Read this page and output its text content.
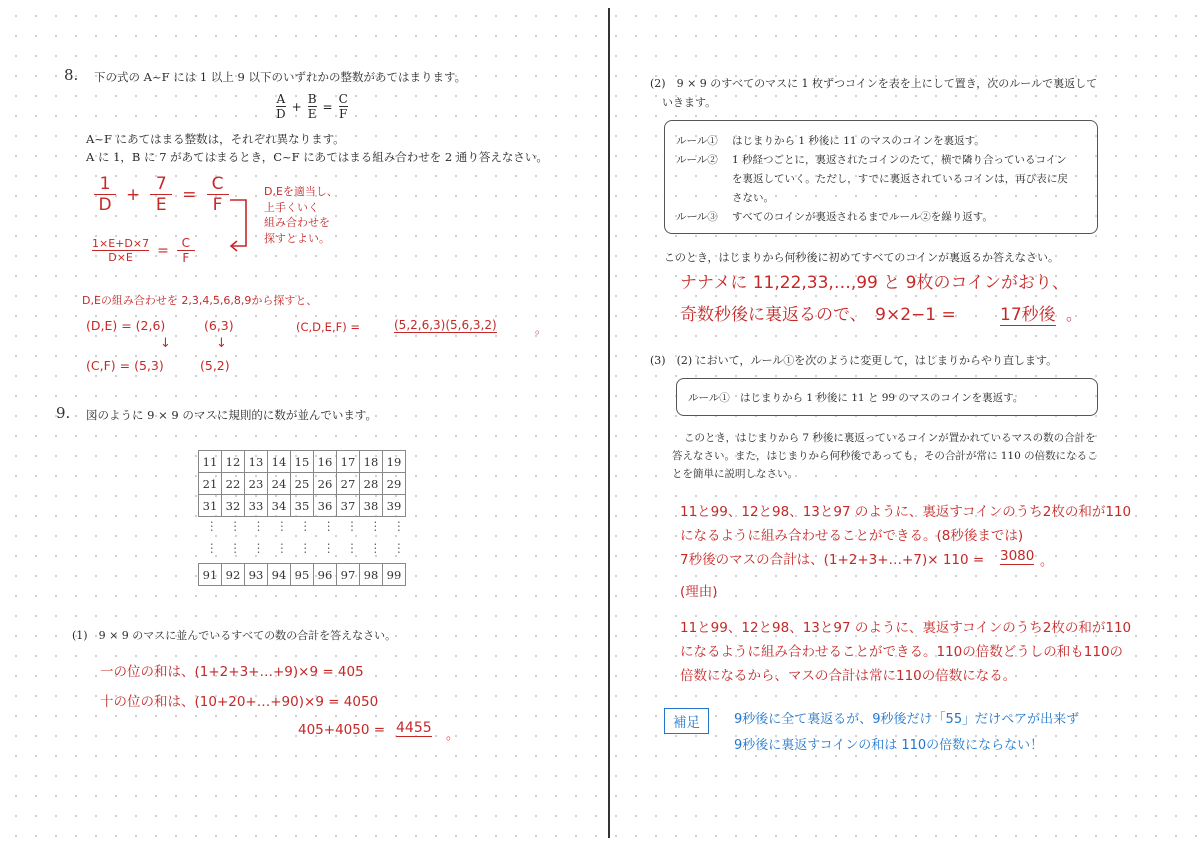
8. 下の式の A~F には 1 以上 9 以下のいずれかの整数があてはまります。
$\frac{A}{D} + \frac{B}{E} = \frac{C}{F}$
A~F にあてはまる整数は，それぞれ異なります。
A に 1，B に 7 があてはまるとき，C~F にあてはまる組み合わせを 2 通り答えなさい。
$\frac{1}{D} + \frac{7}{E} = \frac{C}{F}$
$\frac{1\times E+D\times 7}{D\times E} = \frac{C}{F}$
D,Eを適当し、
上手くいく
組み合わせを
探すとよい。
D,Eの組み合わせを 2,3,4,5,6,8,9から探すと、
(D,E) = (2,6)	(6,3)
↓	↓
(C,F) = (5,3)	(5,2)
(C,D,E,F) =	(5,2,6,3)(5,6,3,2)	。
9. 図のように 9 × 9 のマスに規則的に数が並んでいます。
11	12	13	14	15	16	17	18	19
21	22	23	24	25	26	27	28	29
31	32	33	34	35	36	37	38	39
⋮ ⋮ ⋮ ⋮ ⋮ ⋮ ⋮ ⋮ ⋮
⋮ ⋮ ⋮ ⋮ ⋮ ⋮ ⋮ ⋮ ⋮
91	92	93	94	95	96	97	98	99
(1)　9 × 9 のマスに並んでいるすべての数の合計を答えなさい。
一の位の和は、(1+2+3+…+9)×9 = 405
十の位の和は、(10+20+…+90)×9 = 4050
405+4050 = 4455 。
(2)　9 × 9 のすべてのマスに 1 枚ずつコインを表を上にして置き，次のルールで裏返して
いきます。
ルール① はじまりから 1 秒後に 11 のマスのコインを裏返す。
ルール② 1 秒経つごとに，裏返されたコインのたて，横で隣り合っているコイン
を裏返していく。ただし，すでに裏返されているコインは，再び表に戻
さない。
ルール③ すべてのコインが裏返されるまでルール②を繰り返す。
このとき，はじまりから何秒後に初めてすべてのコインが裏返るか答えなさい。
ナナメに 11,22,33,…,99 と 9枚のコインがおり、
奇数秒後に裏返るので、　9×2−1 =	17秒後 。
(3)　(2) において，ルール①を次のように変更して，はじまりからやり直します。
ルール① はじまりから 1 秒後に 11 と 99 のマスのコインを裏返す。
このとき，はじまりから 7 秒後に裏返っているコインが置かれているマスの数の合計を
答えなさい。また，はじまりから何秒後であっても，その合計が常に 110 の倍数になるこ
とを簡単に説明しなさい。
11と99、12と98、13と97 のように、裏返すコインのうち2枚の和が110
になるように組み合わせることができる。(8秒後までは)
7秒後のマスの合計は、(1+2+3+…+7)× 110 = 3080 。
(理由)
11と99、12と98、13と97 のように、裏返すコインのうち2枚の和が110
になるように組み合わせることができる。110の倍数どうしの和も110の
倍数になるから、マスの合計は常に110の倍数になる。
補足	9秒後に全て裏返るが、9秒後だけ「55」だけペアが出来ず
9秒後に裏返すコインの和は 110の倍数にならない！
